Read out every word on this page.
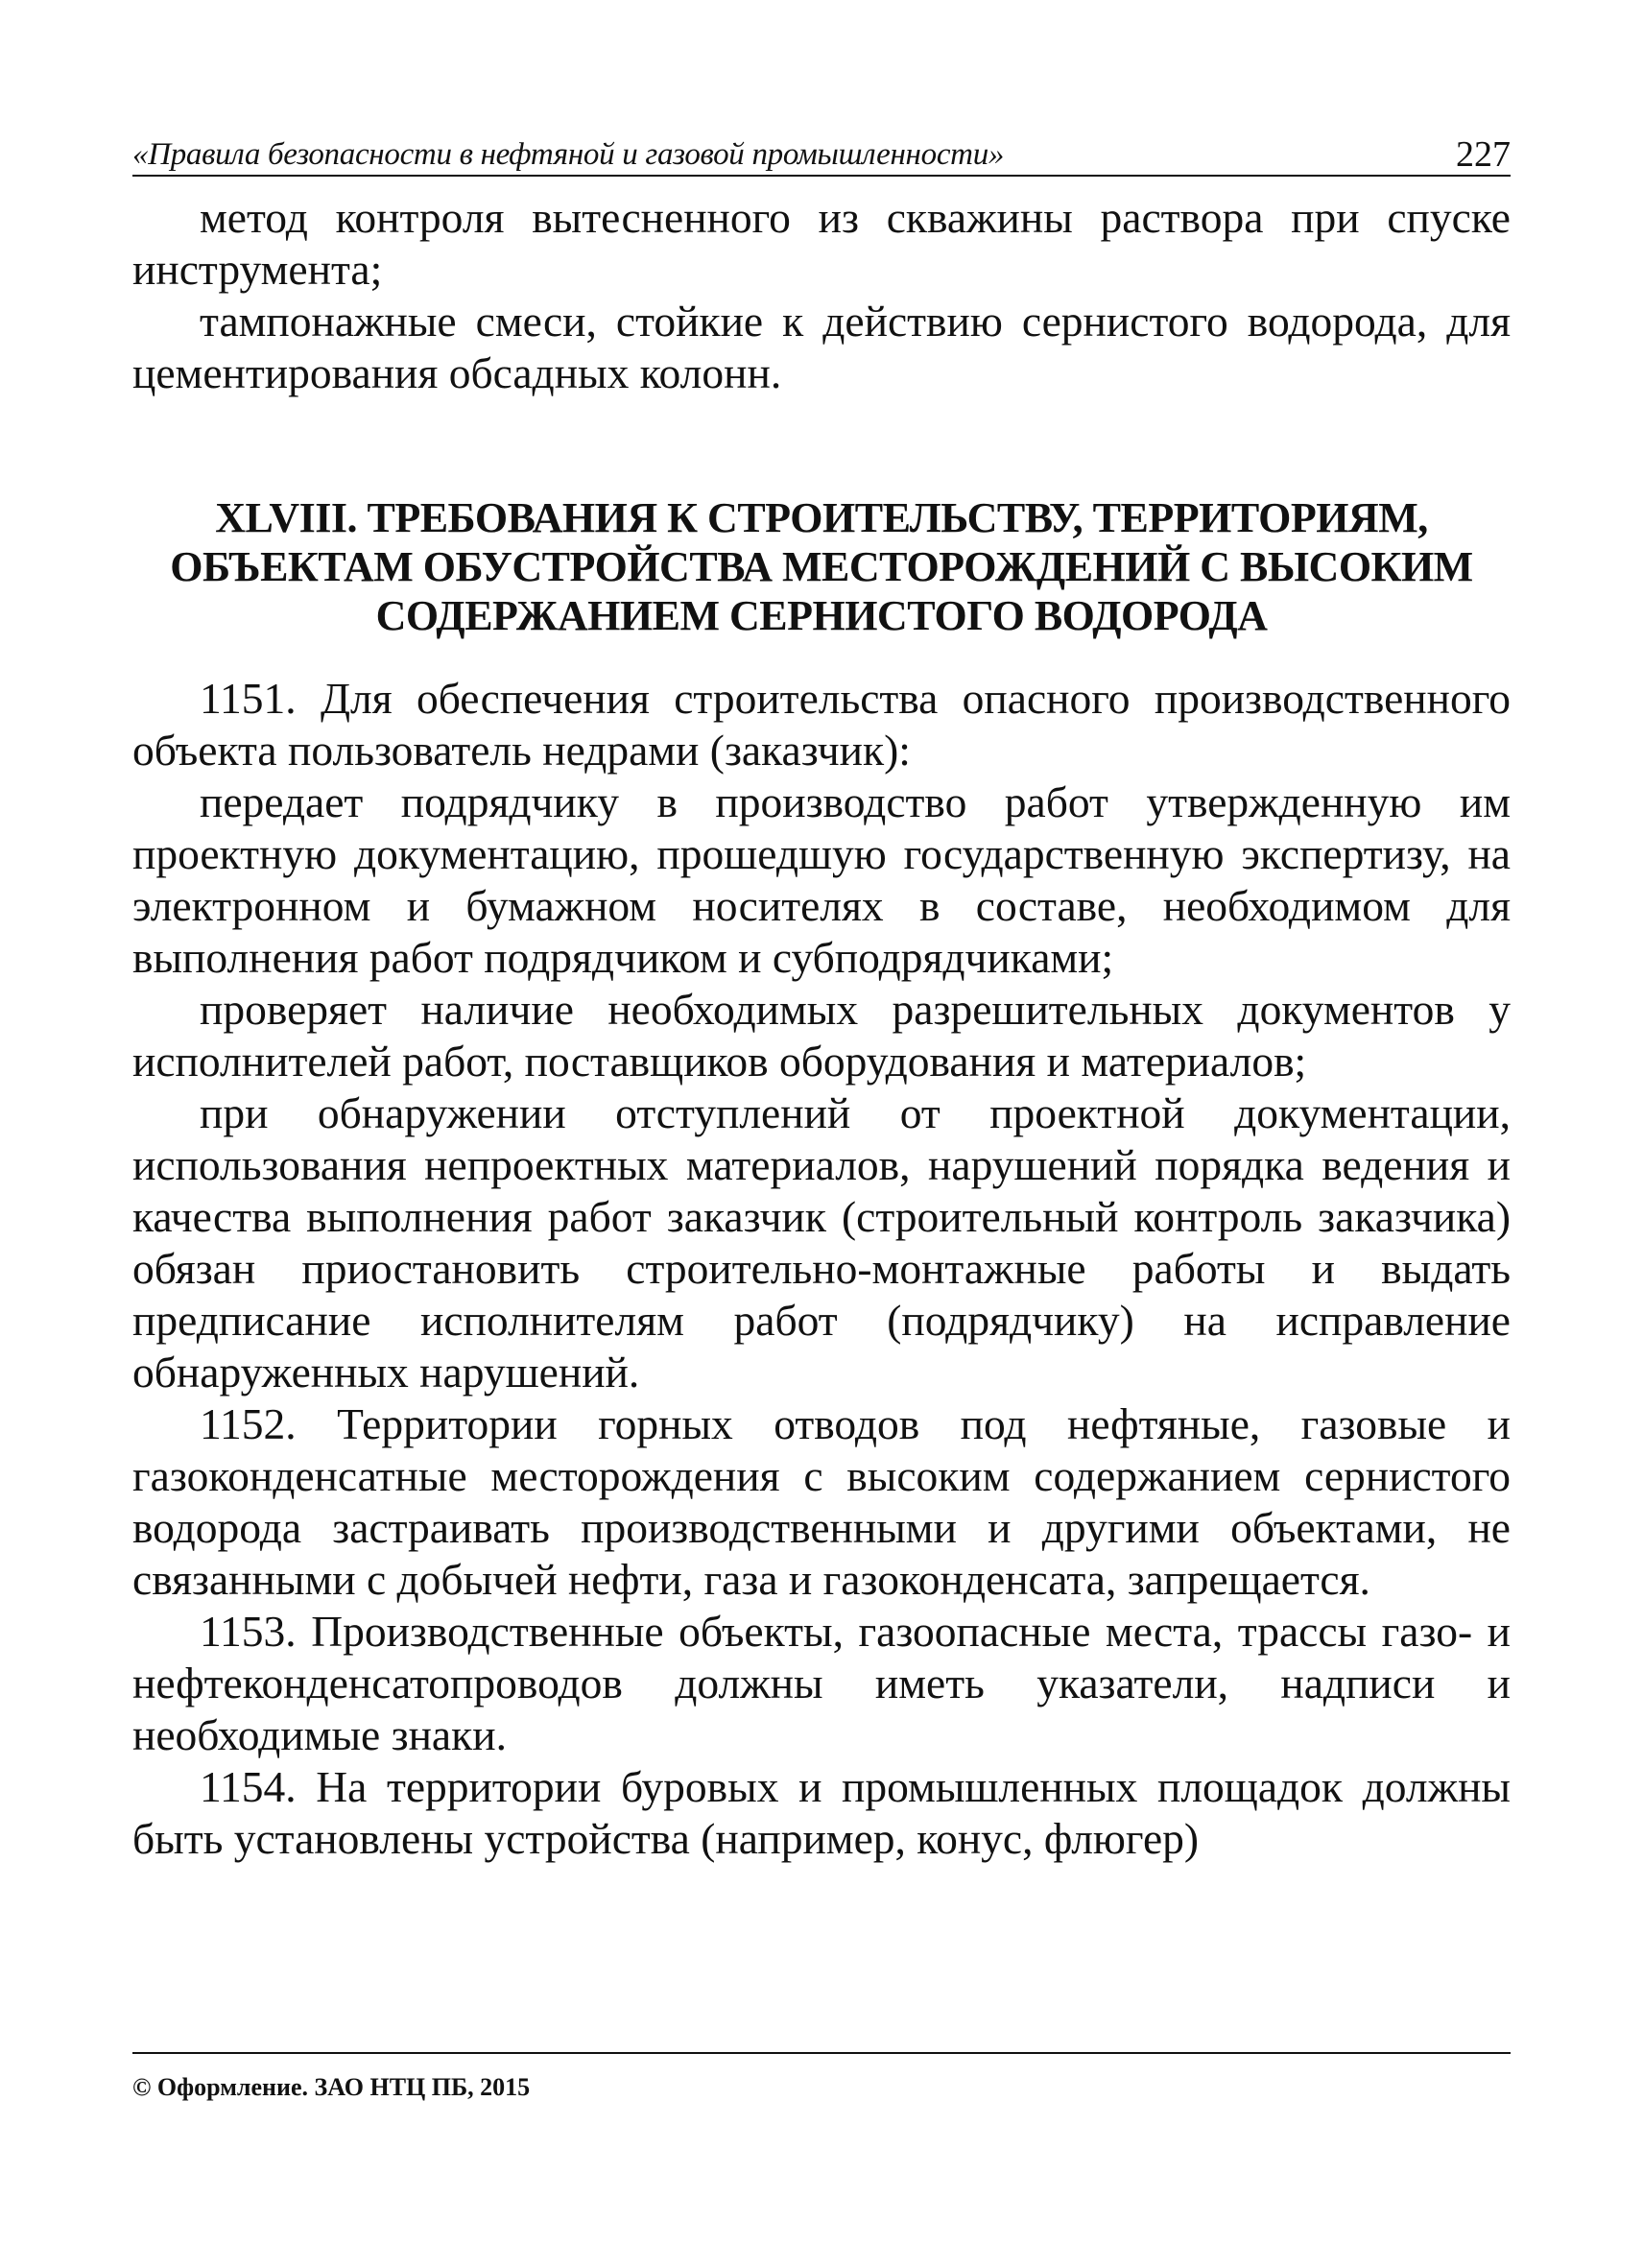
«Правила безопасности в нефтяной и газовой промышленности»	227

метод контроля вытесненного из скважины раствора при спуске инструмента;

тампонажные смеси, стойкие к действию сернистого водорода, для цементирования обсадных колонн.

XLVIII. ТРЕБОВАНИЯ К СТРОИТЕЛЬСТВУ, ТЕРРИТОРИЯМ, ОБЪЕКТАМ ОБУСТРОЙСТВА МЕСТОРОЖДЕНИЙ С ВЫСОКИМ СОДЕРЖАНИЕМ СЕРНИСТОГО ВОДОРОДА

1151. Для обеспечения строительства опасного производственного объекта пользователь недрами (заказчик):

передает подрядчику в производство работ утвержденную им проектную документацию, прошедшую государственную экспертизу, на электронном и бумажном носителях в составе, необходимом для выполнения работ подрядчиком и субподрядчиками;

проверяет наличие необходимых разрешительных документов у исполнителей работ, поставщиков оборудования и материалов;

при обнаружении отступлений от проектной документации, использования непроектных материалов, нарушений порядка ведения и качества выполнения работ заказчик (строительный контроль заказчика) обязан приостановить строительно-монтажные работы и выдать предписание исполнителям работ (подрядчику) на исправление обнаруженных нарушений.

1152. Территории горных отводов под нефтяные, газовые и газоконденсатные месторождения с высоким содержанием сернистого водорода застраивать производственными и другими объектами, не связанными с добычей нефти, газа и газоконденсата, запрещается.

1153. Производственные объекты, газоопасные места, трассы газо- и нефтеконденсатопроводов должны иметь указатели, надписи и необходимые знаки.

1154. На территории буровых и промышленных площадок должны быть установлены устройства (например, конус, флюгер)

© Оформление. ЗАО НТЦ ПБ, 2015
